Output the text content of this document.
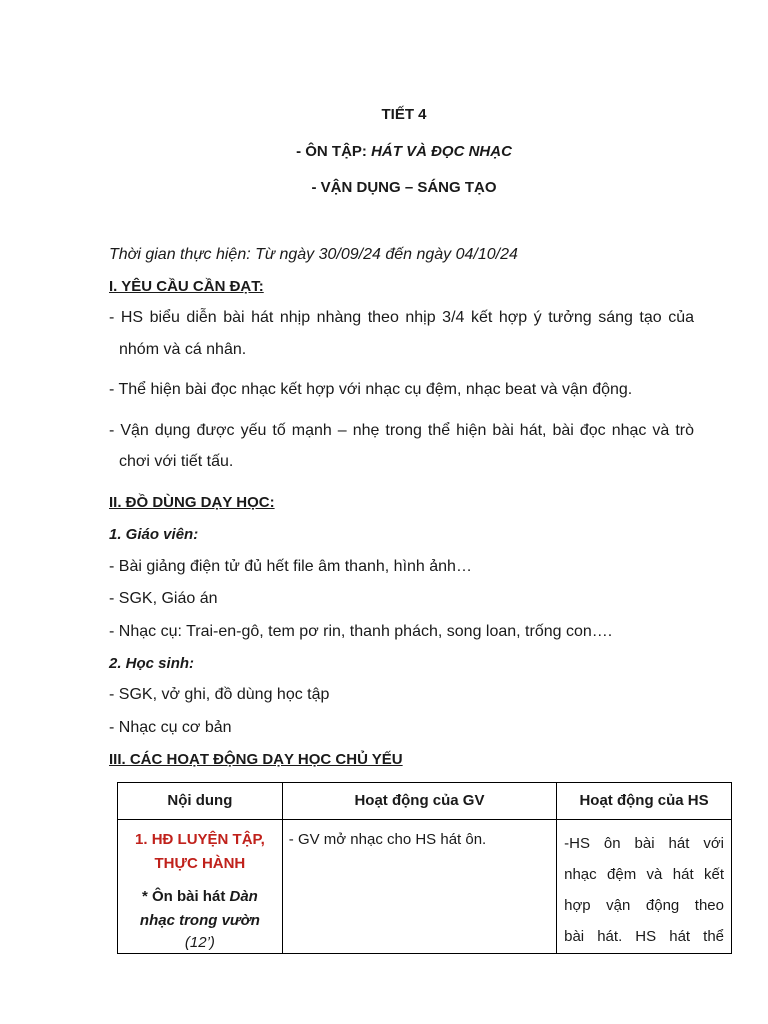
TIẾT 4
- ÔN TẬP: HÁT VÀ ĐỌC NHẠC
- VẬN DỤNG – SÁNG TẠO
Thời gian thực hiện: Từ ngày 30/09/24 đến ngày 04/10/24
I. YÊU CẦU CẦN ĐẠT:
- HS biểu diễn bài hát nhịp nhàng theo nhịp 3/4 kết hợp ý tưởng sáng tạo của
nhóm và cá nhân.
- Thể hiện bài đọc nhạc kết hợp với nhạc cụ đệm, nhạc beat và vận động.
- Vận dụng được yếu tố mạnh – nhẹ trong thể hiện bài hát, bài đọc nhạc và trò
chơi với tiết tấu.
II. ĐỒ DÙNG DẠY HỌC:
1. Giáo viên:
- Bài giảng điện tử đủ hết file âm thanh, hình ảnh…
- SGK, Giáo án
- Nhạc cụ: Trai-en-gô, tem pơ rin, thanh phách, song loan, trống con….
2. Học sinh:
- SGK, vở ghi, đồ dùng học tập
- Nhạc cụ cơ bản
III. CÁC HOẠT ĐỘNG DẠY HỌC CHỦ YẾU
Nội dung	Hoạt động của GV	Hoạt động của HS

1. HĐ LUYỆN TẬP,
THỰC HÀNH
* Ôn bài hát Dàn
nhạc trong vườn
(12’)	- GV mở nhạc cho HS hát ôn.	-HS ôn bài hát với
nhạc đệm và hát kết
hợp vận động theo
bài hát. HS hát thể
